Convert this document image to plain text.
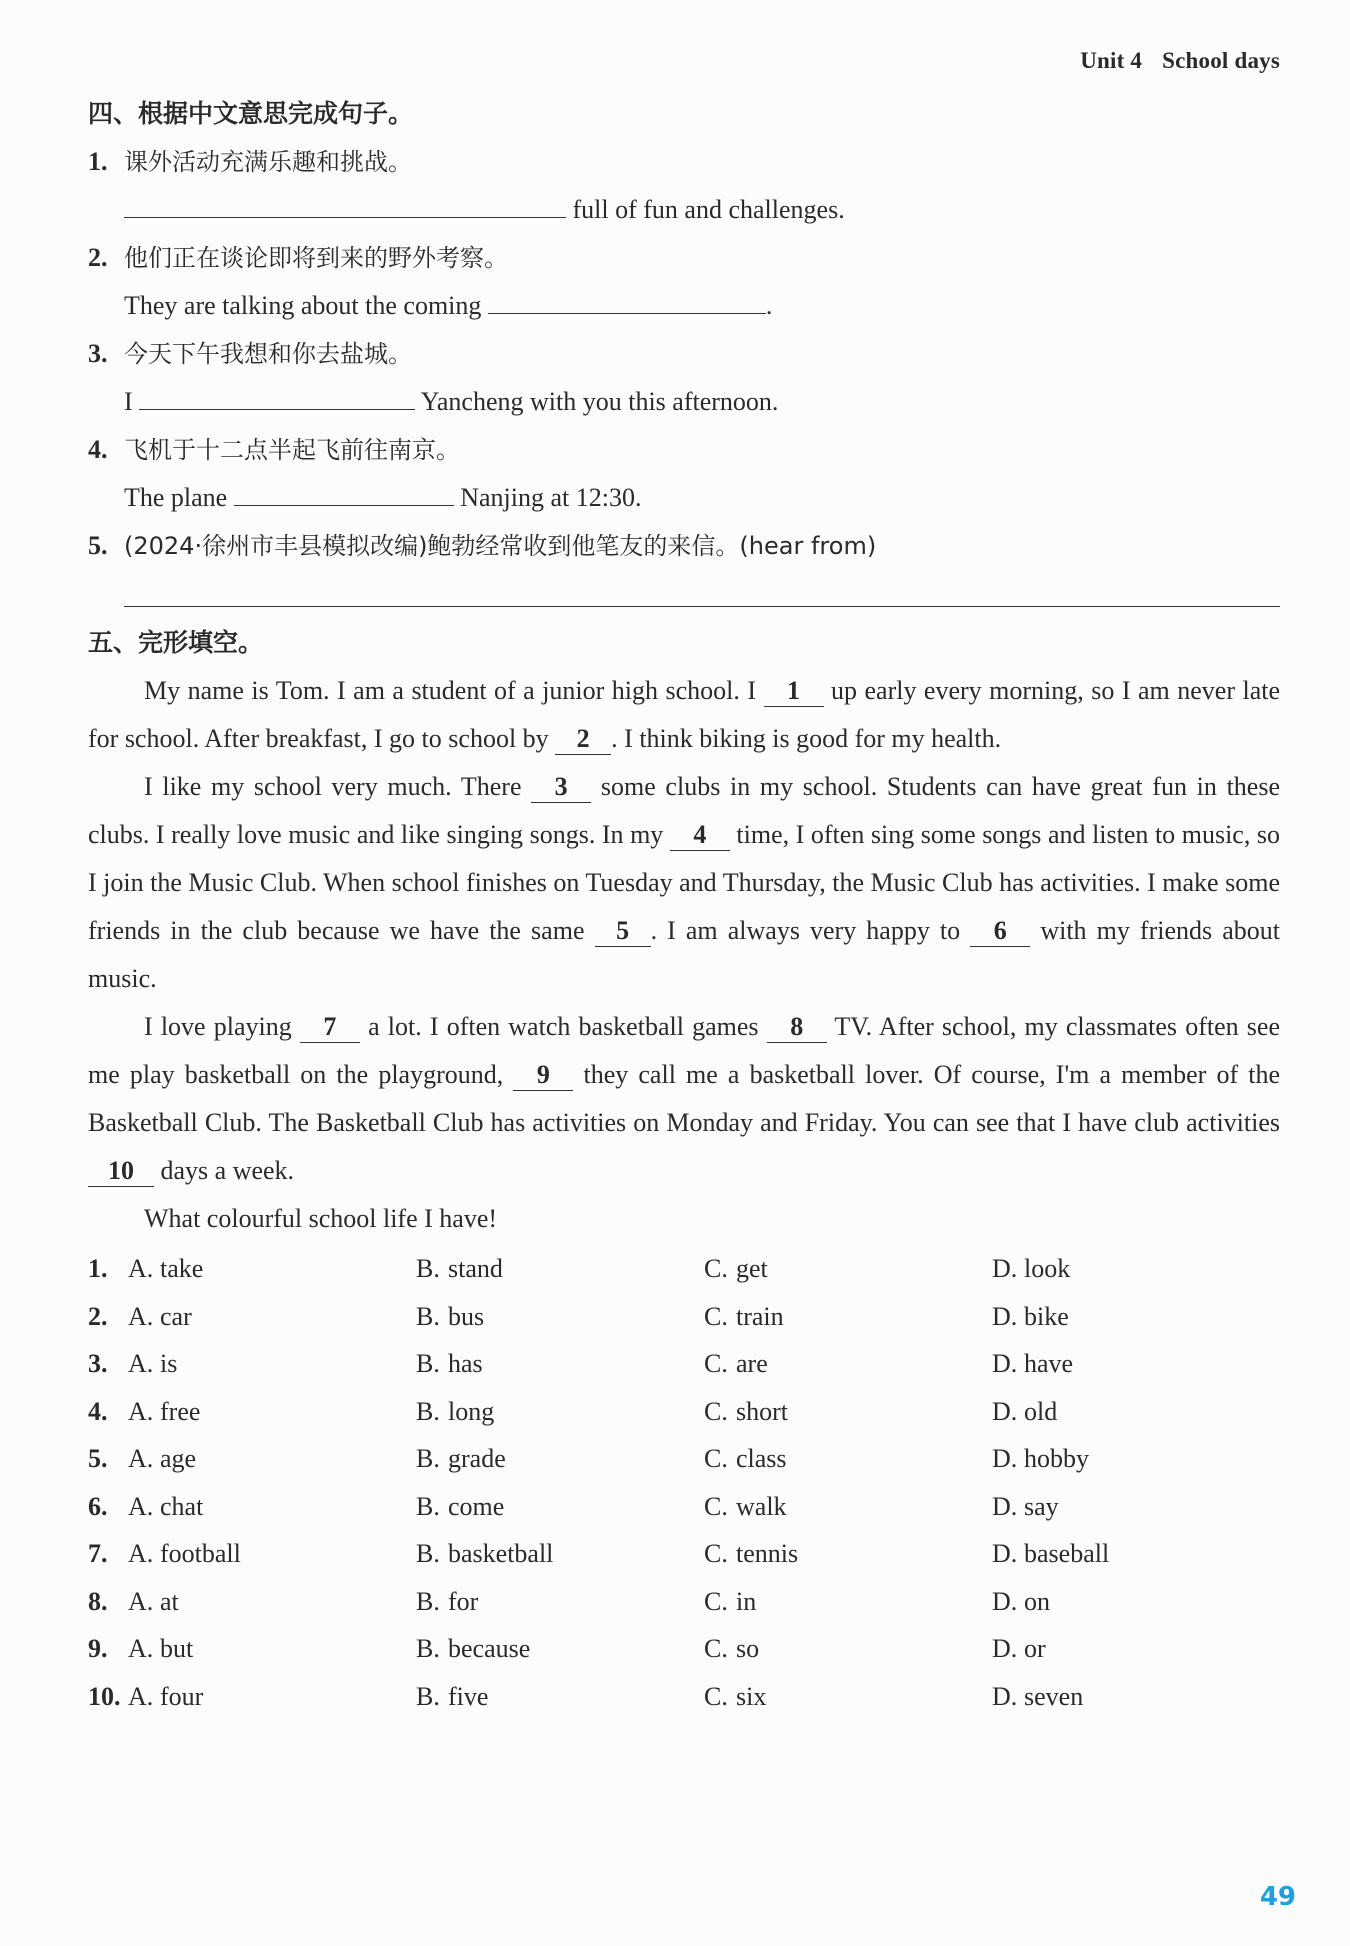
Unit 4 School days
四、根据中文意思完成句子。
1. 课外活动充满乐趣和挑战。
full of fun and challenges.
2. 他们正在谈论即将到来的野外考察。
They are talking about the coming	.
3. 今天下午我想和你去盐城。
I	Yancheng with you this afternoon.
4. 飞机于十二点半起飞前往南京。
The plane	Nanjing at 12:30.
5. (2024·徐州市丰县模拟改编)鲍勃经常收到他笔友的来信。(hear from)
五、完形填空。

My name is Tom. I am a student of a junior high school. I 1 up early every morning, so I am never late for school. After breakfast, I go to school by 2 . I think biking is good for my health.

I like my school very much. There 3 some clubs in my school. Students can have great fun in these clubs. I really love music and like singing songs. In my 4 time, I often sing some songs and listen to music, so I join the Music Club. When school finishes on Tuesday and Thursday, the Music Club has activities. I make some friends in the club because we have the same 5 . I am always very happy to 6 with my friends about music.

I love playing 7 a lot. I often watch basketball games 8 TV. After school, my classmates often see me play basketball on the playground, 9 they call me a basketball lover. Of course, I'm a member of the Basketball Club. The Basketball Club has activities on Monday and Friday. You can see that I have club activities 10 days a week.

What colourful school life I have!

1. A. take	B. stand	C. get	D. look
2. A. car	B. bus	C. train	D. bike
3. A. is	B. has	C. are	D. have
4. A. free	B. long	C. short	D. old
5. A. age	B. grade	C. class	D. hobby
6. A. chat	B. come	C. walk	D. say
7. A. football	B. basketball	C. tennis	D. baseball
8. A. at	B. for	C. in	D. on
9. A. but	B. because	C. so	D. or
10. A. four	B. five	C. six	D. seven
49
